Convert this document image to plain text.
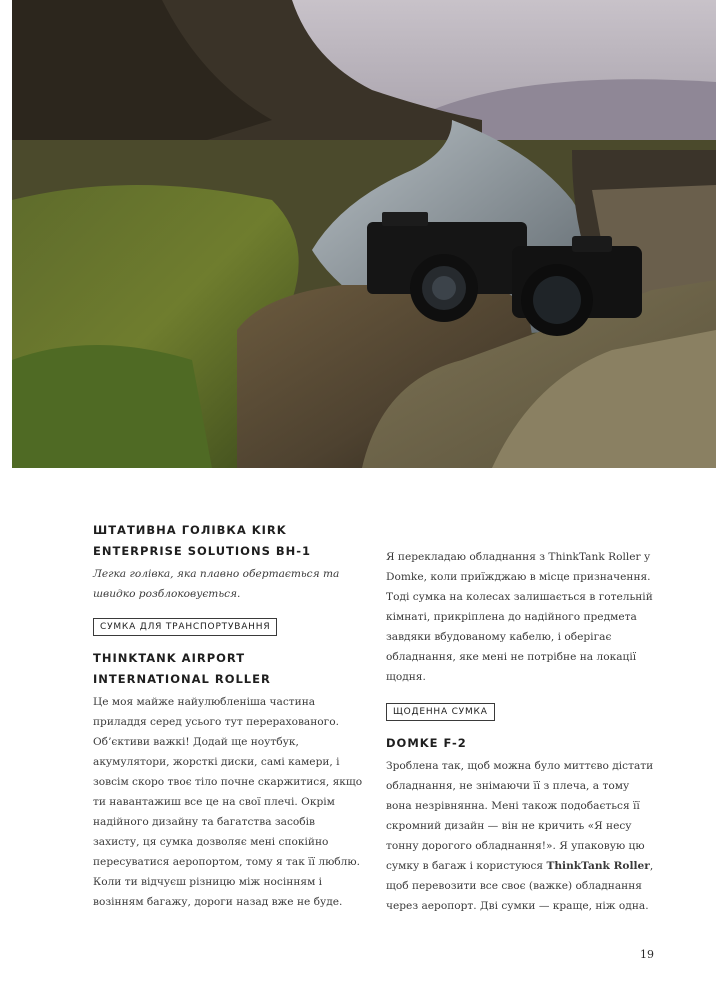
ШТАТИВНА ГОЛІВКА KIRK ENTERPRISE SOLUTIONS BH-1

Легка голівка, яка плавно обертається та швидко розблоковується.

СУМКА ДЛЯ ТРАНСПОРТУВАННЯ
THINKTANK AIRPORT INTERNATIONAL ROLLER

Це моя майже найулюбленіша частина приладдя серед усього тут перерахованого. Об’єктиви важкі! Додай ще ноутбук, акумулятори, жорсткі диски, самі камери, і зовсім скоро твоє тіло почне скаржитися, якщо ти навантажиш все це на свої плечі. Окрім надійного дизайну та багатства засобів захисту, ця сумка дозволяє мені спокійно пересуватися аеропортом, тому я так її люблю. Коли ти відчуєш різницю між носінням і возінням багажу, дороги назад вже не буде.

Я перекладаю обладнання з ThinkTank Roller у Domke, коли приїжджаю в місце призначення. Тоді сумка на колесах залишається в готельній кімнаті, прикріплена до надійного предмета завдяки вбудованому кабелю, і оберігає обладнання, яке мені не потрібне на локації щодня.

ЩОДЕННА СУМКА
DOMKE F-2

Зроблена так, щоб можна було миттєво дістати обладнання, не знімаючи її з плеча, а тому вона незрівнянна. Мені також подобається її скромний дизайн — він не кричить «Я несу тонну дорогого обладнання!». Я упаковую цю сумку в багаж і користуюся ThinkTank Roller, щоб перевозити все своє (важке) обладнання через аеропорт. Дві сумки — краще, ніж одна.

19
